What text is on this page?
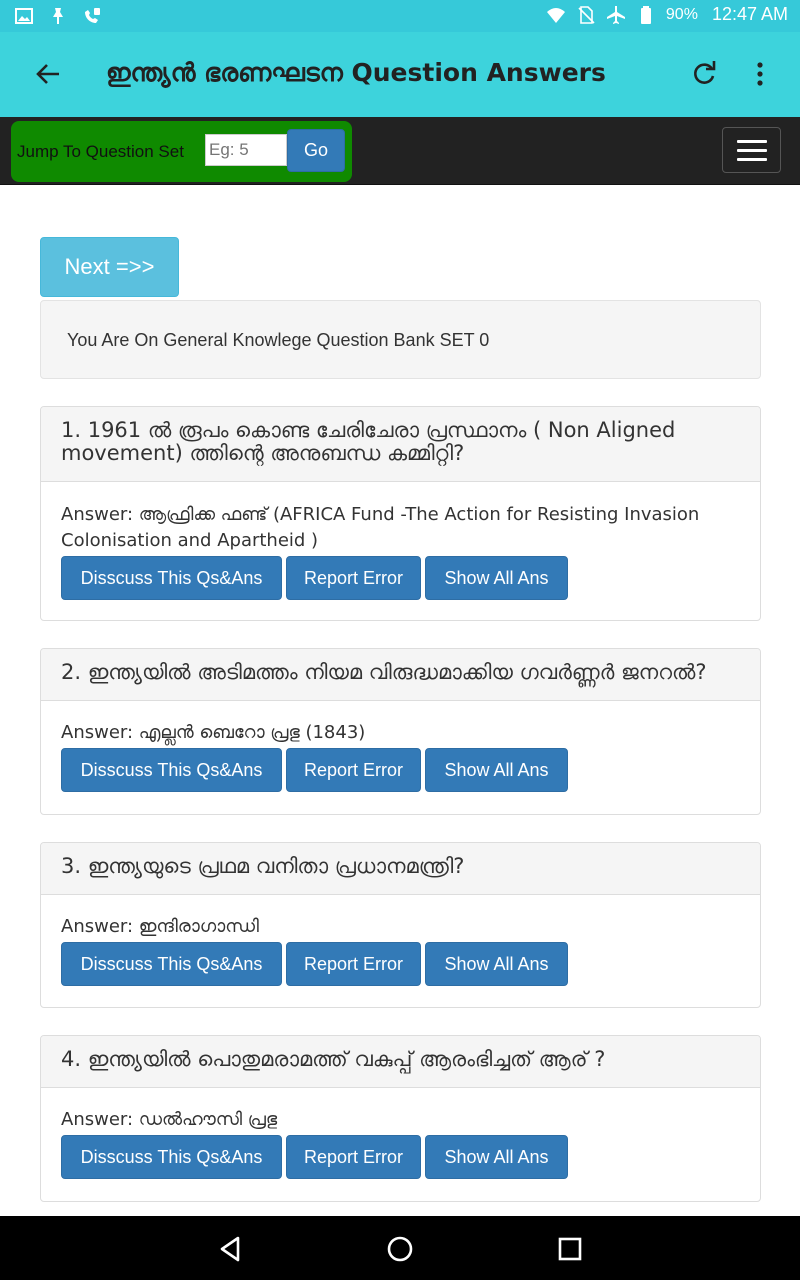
90% 12:47 AM
ഇന്ത്യൻ ഭരണഘടന Question Answers
Jump To Question Set
Eg: 5	Go
Next =>>
You Are On General Knowlege Question Bank SET 0
1. 1961 ൽ രൂപം കൊണ്ട ചേരിചേരാ പ്രസ്ഥാനം ( Non Aligned movement) ത്തിന്റെ അനുബന്ധ കമ്മിറ്റി?
Answer: ആഫ്രിക്ക ഫണ്ട് (AFRICA Fund -The Action for Resisting Invasion Colonisation and Apartheid )
Disscuss This Qs&Ans	Report Error	Show All Ans
2. ഇന്ത്യയിൽ അടിമത്തം നിയമ വിരുദ്ധമാക്കിയ ഗവർണ്ണർ ജനറൽ?
Answer: എല്ലൻ ബെറോ പ്രഭു (1843)
Disscuss This Qs&Ans	Report Error	Show All Ans
3. ഇന്ത്യയുടെ പ്രഥമ വനിതാ പ്രധാനമന്ത്രി?
Answer: ഇന്ദിരാഗാന്ധി
Disscuss This Qs&Ans	Report Error	Show All Ans
4. ഇന്ത്യയിൽ പൊതുമരാമത്ത് വകുപ്പ് ആരംഭിച്ചത് ആര് ?
Answer: ഡൽഹൗസി പ്രഭു
Disscuss This Qs&Ans	Report Error	Show All Ans
